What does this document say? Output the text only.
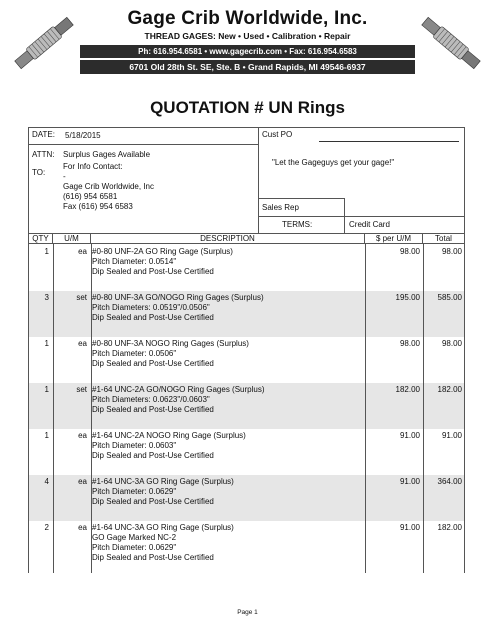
Gage Crib Worldwide, Inc.
THREAD GAGES: New • Used • Calibration • Repair
Ph: 616.954.6581 • www.gagecrib.com • Fax: 616.954.6583
6701 Old 28th St. SE, Ste. B • Grand Rapids, MI 49546-6937
QUOTATION # UN Rings
DATE: 5/18/2015
ATTN: Surplus Gages Available
TO:
For Info Contact:
-
Gage Crib Worldwide, Inc
(616) 954 6581
Fax (616) 954 6583
Cust PO
"Let the Gageguys get your gage!"
Sales Rep
TERMS:	Credit Card
QTY	U/M	DESCRIPTION	$ per U/M	Total
1	ea #0-80 UNF-2A GO Ring Gage (Surplus)
Pitch Diameter: 0.0514"
Dip Sealed and Post-Use Certified
98.00	98.00
3	set #0-80 UNF-3A GO/NOGO Ring Gages (Surplus)
Pitch Diameters: 0.0519"/0.0506"
Dip Sealed and Post-Use Certified
195.00	585.00
1	ea #0-80 UNF-3A NOGO Ring Gages (Surplus)
Pitch Diameter: 0.0506"
Dip Sealed and Post-Use Certified
98.00	98.00
1	set #1-64 UNC-2A GO/NOGO Ring Gages (Surplus)
Pitch Diameters: 0.0623"/0.0603"
Dip Sealed and Post-Use Certified
182.00	182.00
1	ea #1-64 UNC-2A NOGO Ring Gage (Surplus)
Pitch Diameter: 0.0603"
Dip Sealed and Post-Use Certified
91.00	91.00
4	ea #1-64 UNC-3A GO Ring Gage (Surplus)
Pitch Diameter: 0.0629"
Dip Sealed and Post-Use Certified
91.00	364.00
2	ea #1-64 UNC-3A GO Ring Gage (Surplus)
GO Gage Marked NC-2
Pitch Diameter: 0.0629"
Dip Sealed and Post-Use Certified
91.00	182.00
Page 1
